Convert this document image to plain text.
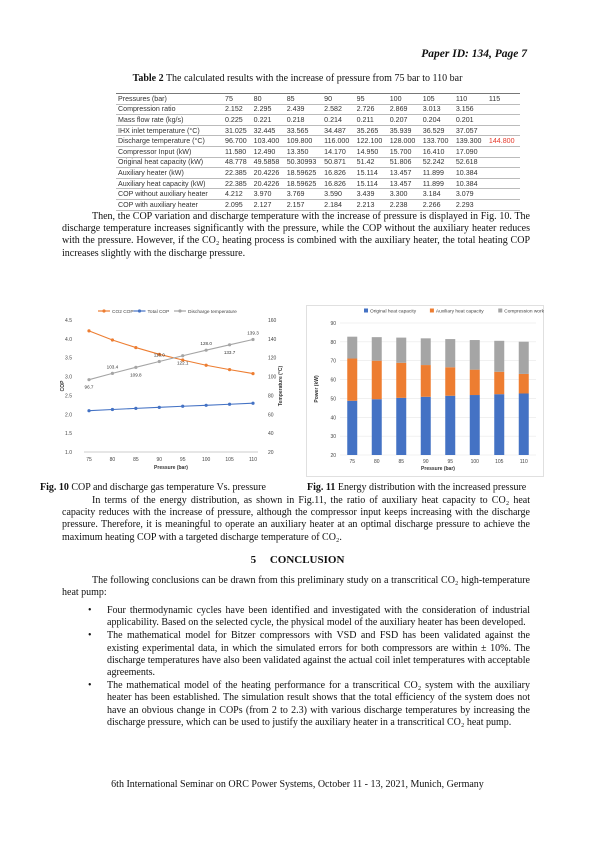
Paper ID: 134, Page 7
Table 2 The calculated results with the increase of pressure from 75 bar to 110 bar
Pressures (bar)	75	80	85	90	95	100	105	110	115
Compression ratio	2.152	2.295	2.439	2.582	2.726	2.869	3.013	3.156	
Mass flow rate (kg/s)	0.225	0.221	0.218	0.214	0.211	0.207	0.204	0.201	
IHX inlet temperature (°C)	31.025	32.445	33.565	34.487	35.265	35.939	36.529	37.057	
Discharge temperature (°C)	96.700	103.400	109.800	116.000	122.100	128.000	133.700	139.300	144.800
Compressor Input (kW)	11.580	12.490	13.350	14.170	14.950	15.700	16.410	17.090	
Original heat capacity (kW)	48.778	49.5858	50.30993	50.871	51.42	51.806	52.242	52.618	
Auxiliary heater (kW)	22.385	20.4226	18.59625	16.826	15.114	13.457	11.899	10.384	
Auxiliary heat capacity (kW)	22.385	20.4226	18.59625	16.826	15.114	13.457	11.899	10.384	
COP without auxiliary heater	4.212	3.970	3.769	3.590	3.439	3.300	3.184	3.079	
COP with auxiliary heater	2.095	2.127	2.157	2.184	2.213	2.238	2.266	2.293	
Then, the COP variation and discharge temperature with the increase of pressure is displayed in Fig. 10. The discharge temperature increases significantly with the pressure, while the COP without the auxiliary heater reduces with the pressure. However, if the CO₂ heating process is combined with the auxiliary heater, the total heating COP increases slightly with the discharge pressure.
1.0
1.5
2.0
2.5
3.0
3.5
4.0
4.5
20
40
60
80
100
120
140
160
75	80	85	90	95	100	105	110
Pressure (bar)
COP	Temperature (°C)
CO2 COP	Total COP	Discharge temperature
96.7
103.4
109.8
116.0
122.1
128.0
133.7
139.3
20
30
40
50
60
70
80
90
Power (kW)
75	80	85	90	95	100	105	110
Pressure (bar)
Original heat capacity	Auxiliary heat capacity	Compression work
Fig. 10 COP and discharge gas temperature Vs. pressure	Fig. 11 Energy distribution with the increased pressure
In terms of the energy distribution, as shown in Fig.11, the ratio of auxiliary heat capacity to CO₂ heat capacity reduces with the increase of pressure, although the compressor input keeps increasing with the discharge pressure. Therefore, it is meaningful to operate an auxiliary heater at an optimal discharge pressure to achieve the maximum heating COP with a targeted discharge temperature of CO₂.
5 CONCLUSION
The following conclusions can be drawn from this preliminary study on a transcritical CO₂ high-temperature heat pump:
• Four thermodynamic cycles have been identified and investigated with the consideration of industrial applicability. Based on the selected cycle, the physical model of the auxiliary heater has been developed.
• The mathematical model for Bitzer compressors with VSD and FSD has been validated against the existing experimental data, in which the simulated errors for both compressors are within ± 10%. The discharge temperatures have also been validated against the actual coil inlet temperatures with acceptable agreements.
• The mathematical model of the heating performance for a transcritical CO₂ system with the auxiliary heater has been established. The simulation result shows that the total efficiency of the system does not have an obvious change in COPs (from 2 to 2.3) with various discharge temperatures by increasing the discharge pressure, which can be used to justify the auxiliary heater in a transcritical CO₂ heat pump.
6th International Seminar on ORC Power Systems, October 11 - 13, 2021, Munich, Germany
